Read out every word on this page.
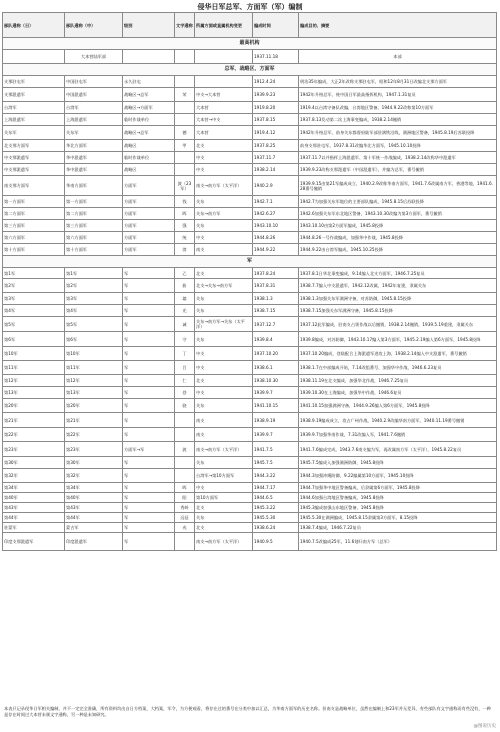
侵华日军总军、方面军（军）编制
部队通称（日）	部队通称（中）	级别	文字通称	所属方面或直属机构变更	编成时间	编成目的、摘要
最高机构						
	大本营陆军部				1937.11.18	本部
总军、战略区、方面军						
支那驻屯军	中国驻屯军	永久驻屯			1912.4.24	明治35年编成，大正2年改称支那驻屯军，昭和12年8月31日改编北支那方面军
支那派遣军	中国派遣军	战略区→总军	荣	中支→大本营	1939.9.23	1942年升格总军，统中国日军最高指挥机构，1947.1.31复员
台湾军	台湾军	战略区→方面军		大本营	1919.8.20	1919.4以台湾守备队改编，台湾地区警备。1944.9.22改称第10方面军
上海派遣军	上海派遣军	临时作战单位		大本营→中支	1937.8.15	1937.8.13发动第二次上海事变编成，1938.2.14撤销
关东军	关东军	战略区→总军	德	大本营	1919.4.12	1942年升格总军，前身关东都督府陆军部驻满铁沿线，满洲地区警备，1945.8.19后苏联投降
北支那方面军	华北方面军	战略区	甲	北支	1937.8.25	前身支那驻屯军，1937.8.31改编华北方面军，1945.10.10投降
中支那派遣军	华中派遣军	临时作战单位		中支	1937.11.7	1937.11.7以并指挥上海派遣军、第十军统一作战编成，1938.2.14改称华中派遣军
中支那派遣军	华中派遣军	战略区		中支	1938.2.14	1939.9.23改称支那派遣军（中国派遣军），并编为总军，番号撤销
南支那方面军	华南方面军	方面军	波（23军）	南支→南方军（太平洋）	1940.2.9	1939.9.15由第21军编成成立，1940.2.9改称华南方面军，1941.7.6改属南方军，香港等地，1941.6.28番号撤销
第一方面军	第一方面军	方面军	钱	关东	1942.7.1	1942.7为加强关东军地位的主要部队编成，1945.8.15后苏联投降
第二方面军	第二方面军	方面军	晖	关东→南方军	1942.6.27	1942.6加强关东军东北地区警备，1943.10.30改编为第3方面军，番号撤销
第三方面军	第三方面军	方面军	强	关东	1943.10.10	1943.10.10由第2方面军编成，1945.8投降
第六方面军	第六方面军	方面军	统	中支	1944.8.26	1944.8.26一号作战编成，加强华中作战，1945.8投降
第十方面军	第十方面军	方面军	湾	南支	1944.9.22	1944.9.22由台湾军编成，1945.10.25投降
军						
第1军	第1军	军	乙	北支	1937.8.24	1937.8.1日华北事变编成，9.14编入北支方面军，1946.7.25复员
第2军	第2军	军	鈖	北支→关东→南方军	1937.8.31	1938.7.7编入中支派遣军，1942.12改属，1942年复建，隶属关东
第3军	第3军	军	翁	关东	1938.1.3	1938.1.3加强关东军满洲守备，对苏防御，1945.8.15投降
第4军	第4军	军	光	关东	1938.7.15	1938.7.15加强关东军满洲守备，1945.8.15投降
第5军	第5军	军	诚	关东→南方军→关东（太平洋）	1937.12.7	1937.12此军编成，驻南支占领作战以后撤销，1938.2.14撤销，1939.5.19重建，隶属关东
第6军	第6军	军	守	关东	1939.8.4	1939.8编成，对苏防御，1943.10.17编入第3方面军，1945.2.19编入第6方面军，1945.8投降
第10军	第10军	军	丁	中支	1937.10.20	1937.10.20编成，登陆配合上海派遣军进攻上海，1938.2.14编入中支派遣军，番号撤销
第11军	第11军	军	吕	中支	1938.6.1	1938.1.7在中部编成开始，7.14改组番号，加强华中作战，1946.6.23复员
第12军	第12军	军	仁	北支	1938.10.30	1938.11.19在北支编成，加强华北作战，1946.7.25复员
第13军	第13军	军	登	中支	1939.9.7	1939.10.30在上海编成，加强华中作战，1946.6复员
第20军	第20军	军	骁	关东	1941.10.15	1941.10.15加强满洲守备，1944.9.26编入第6方面军，1945.8投降
第21军	第21军	军		南支	1938.9.19	1938.9.19编成成立，攻占广州作战，1940.2.9改编华南方面军，1940.11.19番号撤销
第22军	第22军	军		南支	1939.9.7	1939.9.7加强华南作战，7.31改编入军，1941.7.6撤销
第23军	第23军	方面军→军	波	南支→南方军（太平洋）	1941.7.5	1941.7.6编成完成，1943.7.6南支编为军，再改属南方军（太平洋），1945.8.22复员
第30军	第30军	军		关东	1945.7.5	1945.7.5编成入加强满洲防御，1945.8投降
第32军	第32军	军		台湾军→第10方面军	1944.3.22	1944.3加强冲绳防御，9.22编属第10方面军，1945.10投降
第34军	第34军	军	晖	中支	1944.7.17	1944.7加强华中地区警备编成，后隶属第6方面军，1945.8投降
第40军	第40军	军	阳	第10方面军	1944.6.5	1944.6加强台湾地区警备编成，1945.8投降
第43军	第43军	军	秀岭	北支	1945.3.22	1945.3编成加强山东地区警备，1945.8投降
第44军	第44军	军	远征	关东	1945.5.30	1945.5.30在满洲编成，1945.8.15隶属第3方面军，8.15投降
驻蒙军	蒙古军	军	戎	北支	1938.6.24	1938.7.4编成，1946.7.22复员
印度支那派遣军	印度派遣军	军		南支→南方军（太平洋）	1940.9.5	1940.7.5改编成25军，11.6划归南方军（总军）
本表只记录侵华日军相关编制，并不一定完全准确，所有资料均出自日方档案，大档案，军令，为方便观看，将存在过的番号在分类中加以汇总，为华南方面军的历史名称。但南支是战略单位，虽然在编制上和23军并无差异，有些部队有文字通称而有些没有，一种是存在时间过大本营未颁文字通称，另一种是未知研究。
@图说历史
